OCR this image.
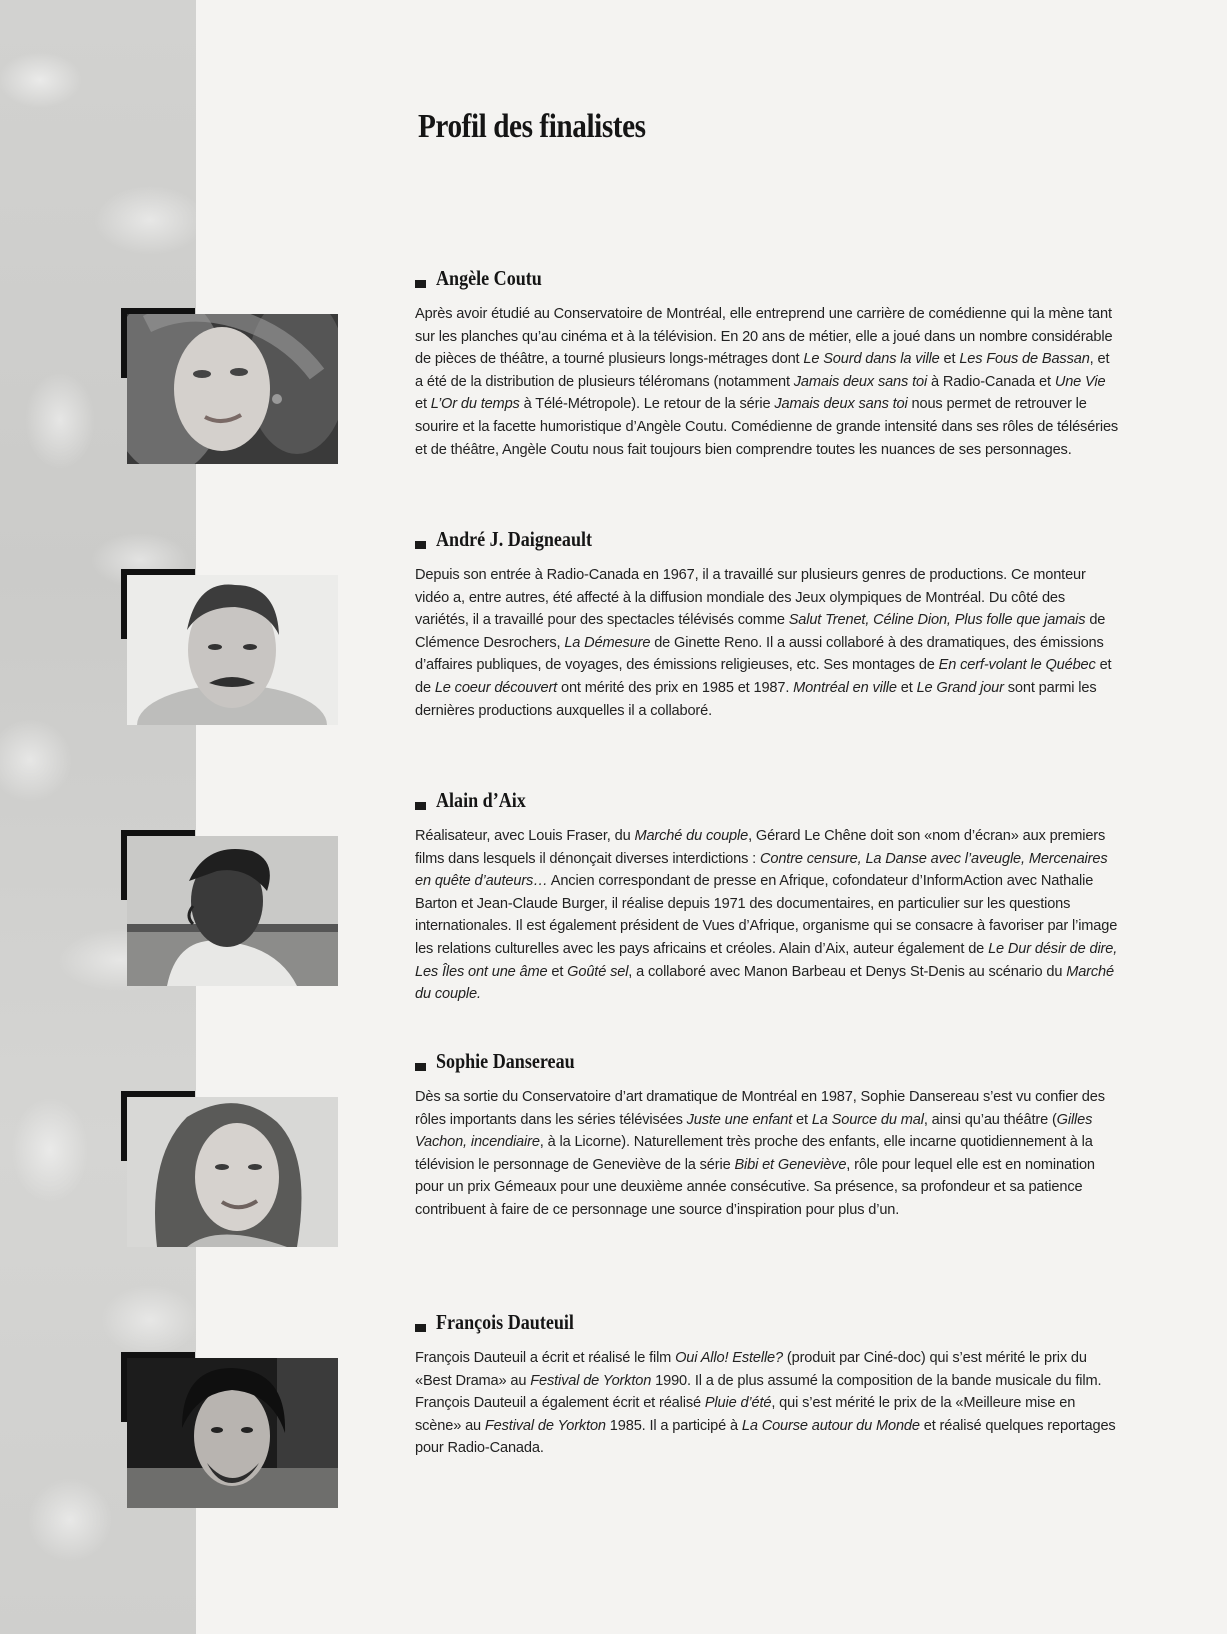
Profil des finalistes
Angèle Coutu

Après avoir étudié au Conservatoire de Montréal, elle entreprend une carrière de comédienne qui la mène tant sur les planches qu’au cinéma et à la télévision. En 20 ans de métier, elle a joué dans un nombre considérable de pièces de théâtre, a tourné plusieurs longs-métrages dont Le Sourd dans la ville et Les Fous de Bassan, et a été de la distribution de plusieurs téléromans (notamment Jamais deux sans toi à Radio-Canada et Une Vie et L’Or du temps à Télé-Métropole). Le retour de la série Jamais deux sans toi nous permet de retrouver le sourire et la facette humoristique d’Angèle Coutu. Comédienne de grande intensité dans ses rôles de téléséries et de théâtre, Angèle Coutu nous fait toujours bien comprendre toutes les nuances de ses personnages.

André J. Daigneault

Depuis son entrée à Radio-Canada en 1967, il a travaillé sur plusieurs genres de productions. Ce monteur vidéo a, entre autres, été affecté à la diffusion mondiale des Jeux olympiques de Montréal. Du côté des variétés, il a travaillé pour des spectacles télévisés comme Salut Trenet, Céline Dion, Plus folle que jamais de Clémence Desrochers, La Démesure de Ginette Reno. Il a aussi collaboré à des dramatiques, des émissions d’affaires publiques, de voyages, des émissions religieuses, etc. Ses montages de En cerf-volant le Québec et de Le coeur découvert ont mérité des prix en 1985 et 1987. Montréal en ville et Le Grand jour sont parmi les dernières productions auxquelles il a collaboré.

Alain d’Aix

Réalisateur, avec Louis Fraser, du Marché du couple, Gérard Le Chêne doit son «nom d’écran» aux premiers films dans lesquels il dénonçait diverses interdictions : Contre censure, La Danse avec l’aveugle, Mercenaires en quête d’auteurs… Ancien correspondant de presse en Afrique, cofondateur d’InformAction avec Nathalie Barton et Jean-Claude Burger, il réalise depuis 1971 des documentaires, en particulier sur les questions internationales. Il est également président de Vues d’Afrique, organisme qui se consacre à favoriser par l’image les relations culturelles avec les pays africains et créoles. Alain d’Aix, auteur également de Le Dur désir de dire, Les Îles ont une âme et Goûté sel, a collaboré avec Manon Barbeau et Denys St-Denis au scénario du Marché du couple.

Sophie Dansereau

Dès sa sortie du Conservatoire d’art dramatique de Montréal en 1987, Sophie Dansereau s’est vu confier des rôles importants dans les séries télévisées Juste une enfant et La Source du mal, ainsi qu’au théâtre (Gilles Vachon, incendiaire, à la Licorne). Naturellement très proche des enfants, elle incarne quotidiennement à la télévision le personnage de Geneviève de la série Bibi et Geneviève, rôle pour lequel elle est en nomination pour un prix Gémeaux pour une deuxième année consécutive. Sa présence, sa profondeur et sa patience contribuent à faire de ce personnage une source d’inspiration pour plus d’un.

François Dauteuil

François Dauteuil a écrit et réalisé le film Oui Allo! Estelle? (produit par Ciné-doc) qui s’est mérité le prix du «Best Drama» au Festival de Yorkton 1990. Il a de plus assumé la composition de la bande musicale du film. François Dauteuil a également écrit et réalisé Pluie d’été, qui s’est mérité le prix de la «Meilleure mise en scène» au Festival de Yorkton 1985. Il a participé à La Course autour du Monde et réalisé quelques reportages pour Radio-Canada.
